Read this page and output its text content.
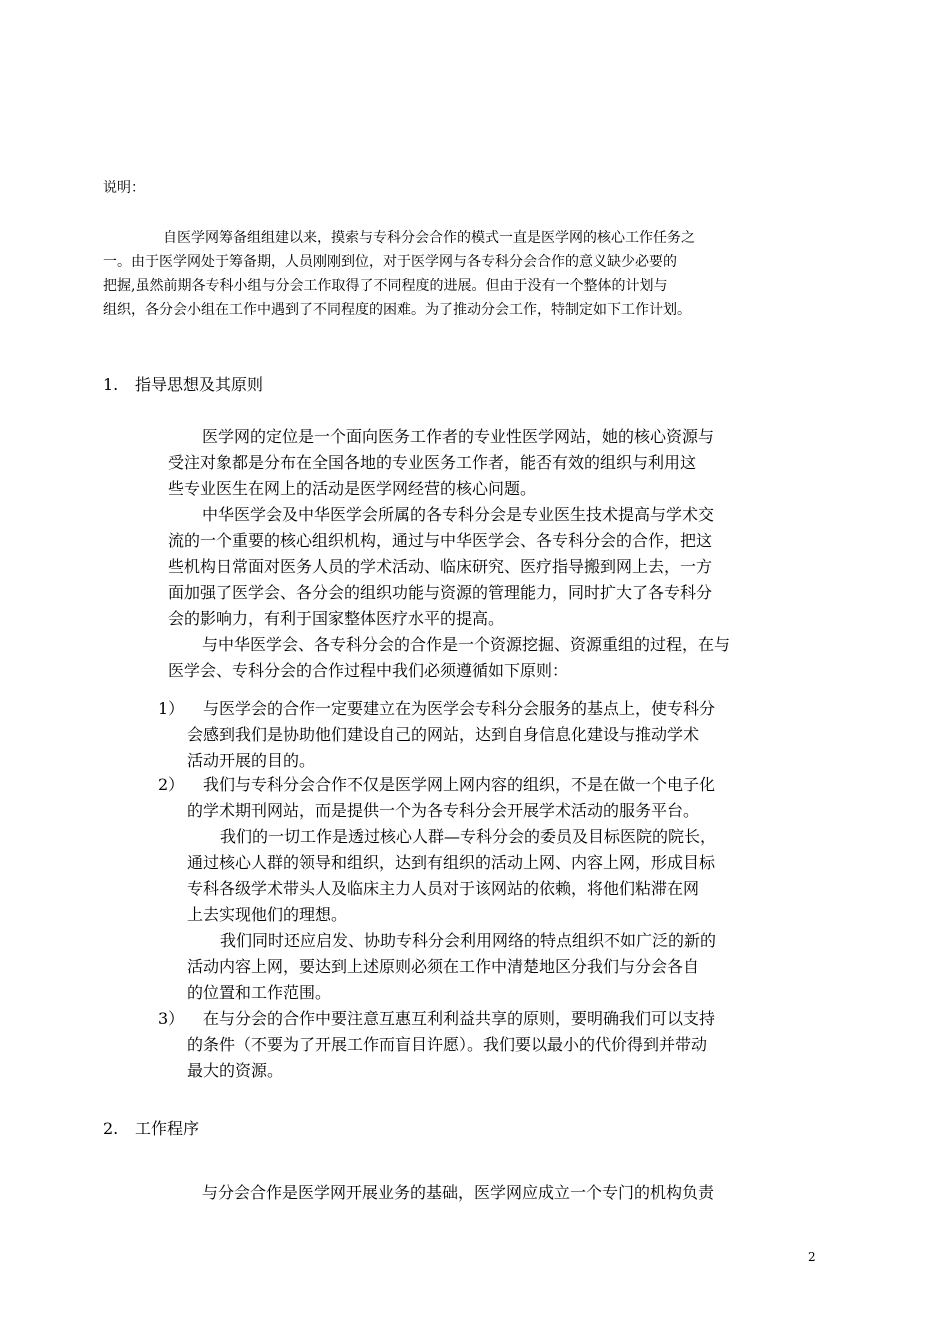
说明：

自医学网筹备组组建以来，摸索与专科分会合作的模式一直是医学网的核心工作任务之
一。由于医学网处于筹备期，人员刚刚到位，对于医学网与各专科分会合作的意义缺少必要的
把握,虽然前期各专科小组与分会工作取得了不同程度的进展。但由于没有一个整体的计划与
组织，各分会小组在工作中遇到了不同程度的困难。为了推动分会工作，特制定如下工作计划。

1. 指导思想及其原则

医学网的定位是一个面向医务工作者的专业性医学网站，她的核心资源与
受注对象都是分布在全国各地的专业医务工作者，能否有效的组织与利用这
些专业医生在网上的活动是医学网经营的核心问题。
中华医学会及中华医学会所属的各专科分会是专业医生技术提高与学术交
流的一个重要的核心组织机构，通过与中华医学会、各专科分会的合作，把这
些机构日常面对医务人员的学术活动、临床研究、医疗指导搬到网上去，一方
面加强了医学会、各分会的组织功能与资源的管理能力，同时扩大了各专科分
会的影响力，有利于国家整体医疗水平的提高。
与中华医学会、各专科分会的合作是一个资源挖掘、资源重组的过程，在与
医学会、专科分会的合作过程中我们必须遵循如下原则：

1）	与医学会的合作一定要建立在为医学会专科分会服务的基点上，使专科分
会感到我们是协助他们建设自己的网站，达到自身信息化建设与推动学术
活动开展的目的。

2）	我们与专科分会合作不仅是医学网上网内容的组织，不是在做一个电子化
的学术期刊网站，而是提供一个为各专科分会开展学术活动的服务平台。
我们的一切工作是透过核心人群—专科分会的委员及目标医院的院长，
通过核心人群的领导和组织，达到有组织的活动上网、内容上网，形成目标
专科各级学术带头人及临床主力人员对于该网站的依赖，将他们粘滞在网
上去实现他们的理想。
我们同时还应启发、协助专科分会利用网络的特点组织不如广泛的新的
活动内容上网，要达到上述原则必须在工作中清楚地区分我们与分会各自
的位置和工作范围。

3）	在与分会的合作中要注意互惠互利利益共享的原则，要明确我们可以支持
的条件（不要为了开展工作而盲目许愿）。我们要以最小的代价得到并带动
最大的资源。

2. 工作程序

与分会合作是医学网开展业务的基础，医学网应成立一个专门的机构负责

2
